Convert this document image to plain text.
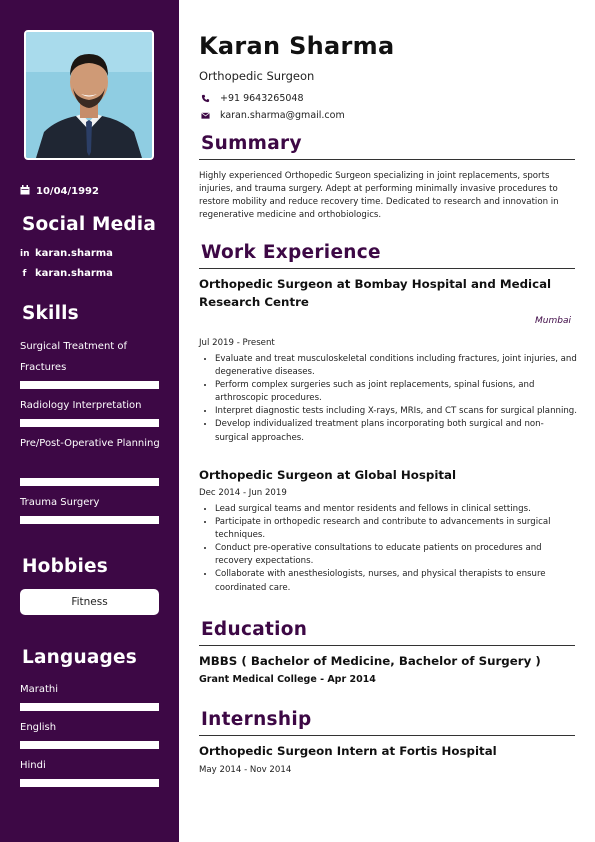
10/04/1992
Social Media
in karan.sharma
f karan.sharma
Skills
Surgical Treatment of Fractures
Radiology Interpretation
Pre/Post-Operative Planning
Trauma Surgery
Hobbies
Fitness
Languages
Marathi
English
Hindi
Karan Sharma
Orthopedic Surgeon
+91 9643265048
karan.sharma@gmail.com
Summary
Highly experienced Orthopedic Surgeon specializing in joint replacements, sports injuries, and trauma surgery. Adept at performing minimally invasive procedures to restore mobility and reduce recovery time. Dedicated to research and innovation in regenerative medicine and orthobiologics.
Work Experience
Orthopedic Surgeon at Bombay Hospital and Medical Research Centre
Mumbai
Jul 2019 - Present
• Evaluate and treat musculoskeletal conditions including fractures, joint injuries, and degenerative diseases.
• Perform complex surgeries such as joint replacements, spinal fusions, and arthroscopic procedures.
• Interpret diagnostic tests including X-rays, MRIs, and CT scans for surgical planning.
• Develop individualized treatment plans incorporating both surgical and non-surgical approaches.
Orthopedic Surgeon at Global Hospital
Dec 2014 - Jun 2019
• Lead surgical teams and mentor residents and fellows in clinical settings.
• Participate in orthopedic research and contribute to advancements in surgical techniques.
• Conduct pre-operative consultations to educate patients on procedures and recovery expectations.
• Collaborate with anesthesiologists, nurses, and physical therapists to ensure coordinated care.
Education
MBBS ( Bachelor of Medicine, Bachelor of Surgery )
Grant Medical College - Apr 2014
Internship
Orthopedic Surgeon Intern at Fortis Hospital
May 2014 - Nov 2014
